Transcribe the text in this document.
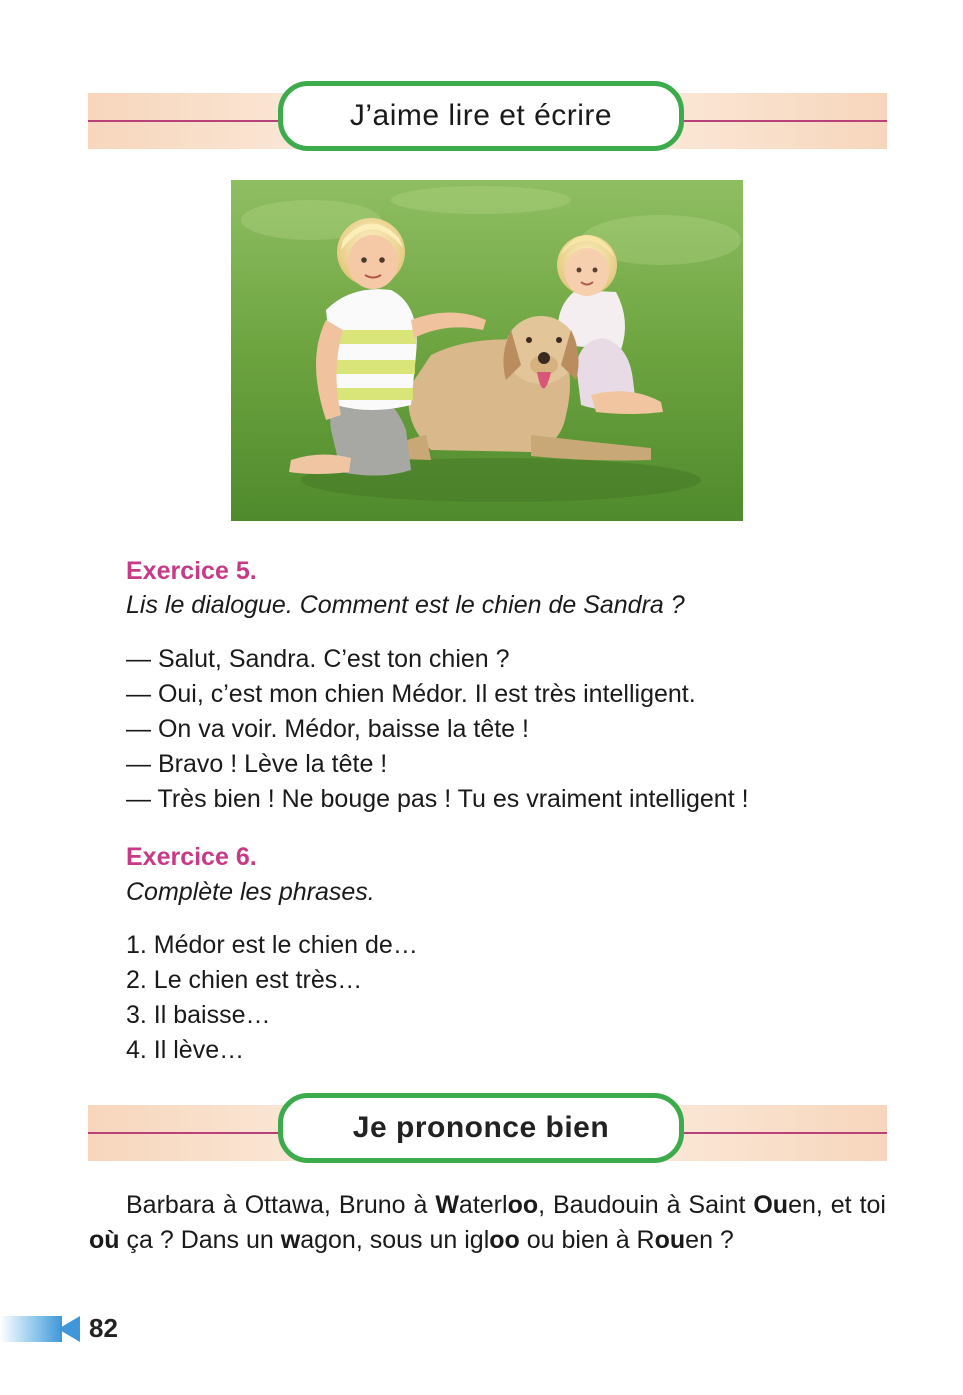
J’aime lire et écrire
Exercice 5.
Lis le dialogue. Comment est le chien de Sandra ?
— Salut, Sandra. C’est ton chien ?
— Oui, c’est mon chien Médor. Il est très intelligent.
— On va voir. Médor, baisse la tête !
— Bravo ! Lève la tête !
— Très bien ! Ne bouge pas ! Tu es vraiment intelligent !
Exercice 6.
Complète les phrases.
1. Médor est le chien de…
2. Le chien est très…
3. Il baisse…
4. Il lève…
Je prononce bien

Barbara à Ottawa, Bruno à Waterloo, Baudouin à Saint Ouen, et toi où ça ? Dans un wagon, sous un igloo ou bien à Rouen ?

82
